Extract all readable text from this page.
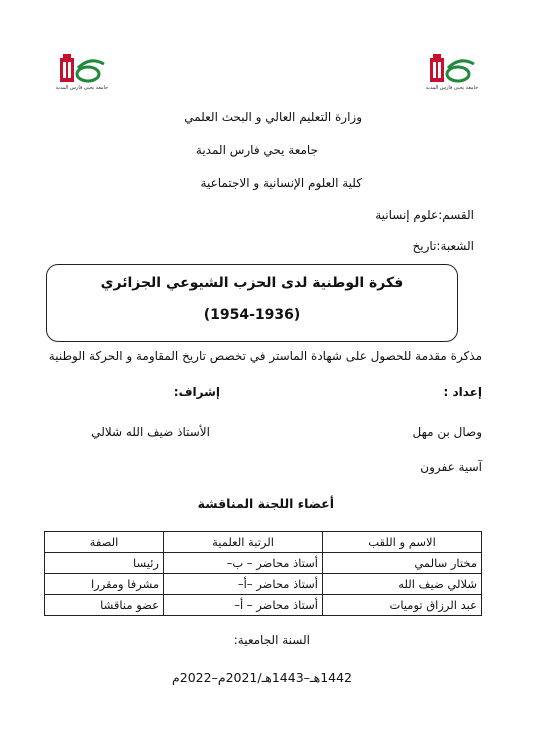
جامعة يحيى فارس المدية	جامعة يحيى فارس المدية
وزارة التعليم العالي و البحث العلمي
جامعة يحي فارس المدية
كلية العلوم الإنسانية و الاجتماعية
القسم:علوم إنسانية
الشعبة:تاريخ
فكرة الوطنية لدى الحزب الشيوعي الجزائري
(1954-1936)
مذكرة مقدمة للحصول على شهادة الماستر في تخصص تاريخ المقاومة و الحركة الوطنية
إعداد :
إشراف:
وصال بن مهل
الأستاذ ضيف الله شلالي
آسية عفرون
أعضاء اللجنة المناقشة
الاسم و اللقب	الرتبة العلمية	الصفة
مختار سالمي	أستاذ محاضر – ب–	رئيسا
شلالي ضيف الله	أستاذ محاضر –أ–	مشرفا ومقررا
عبد الرزاق توميات	أستاذ محاضر – أ–	عضو مناقشا
السنة الجامعية:
1442هـ–1443هـ/2021م–2022م
